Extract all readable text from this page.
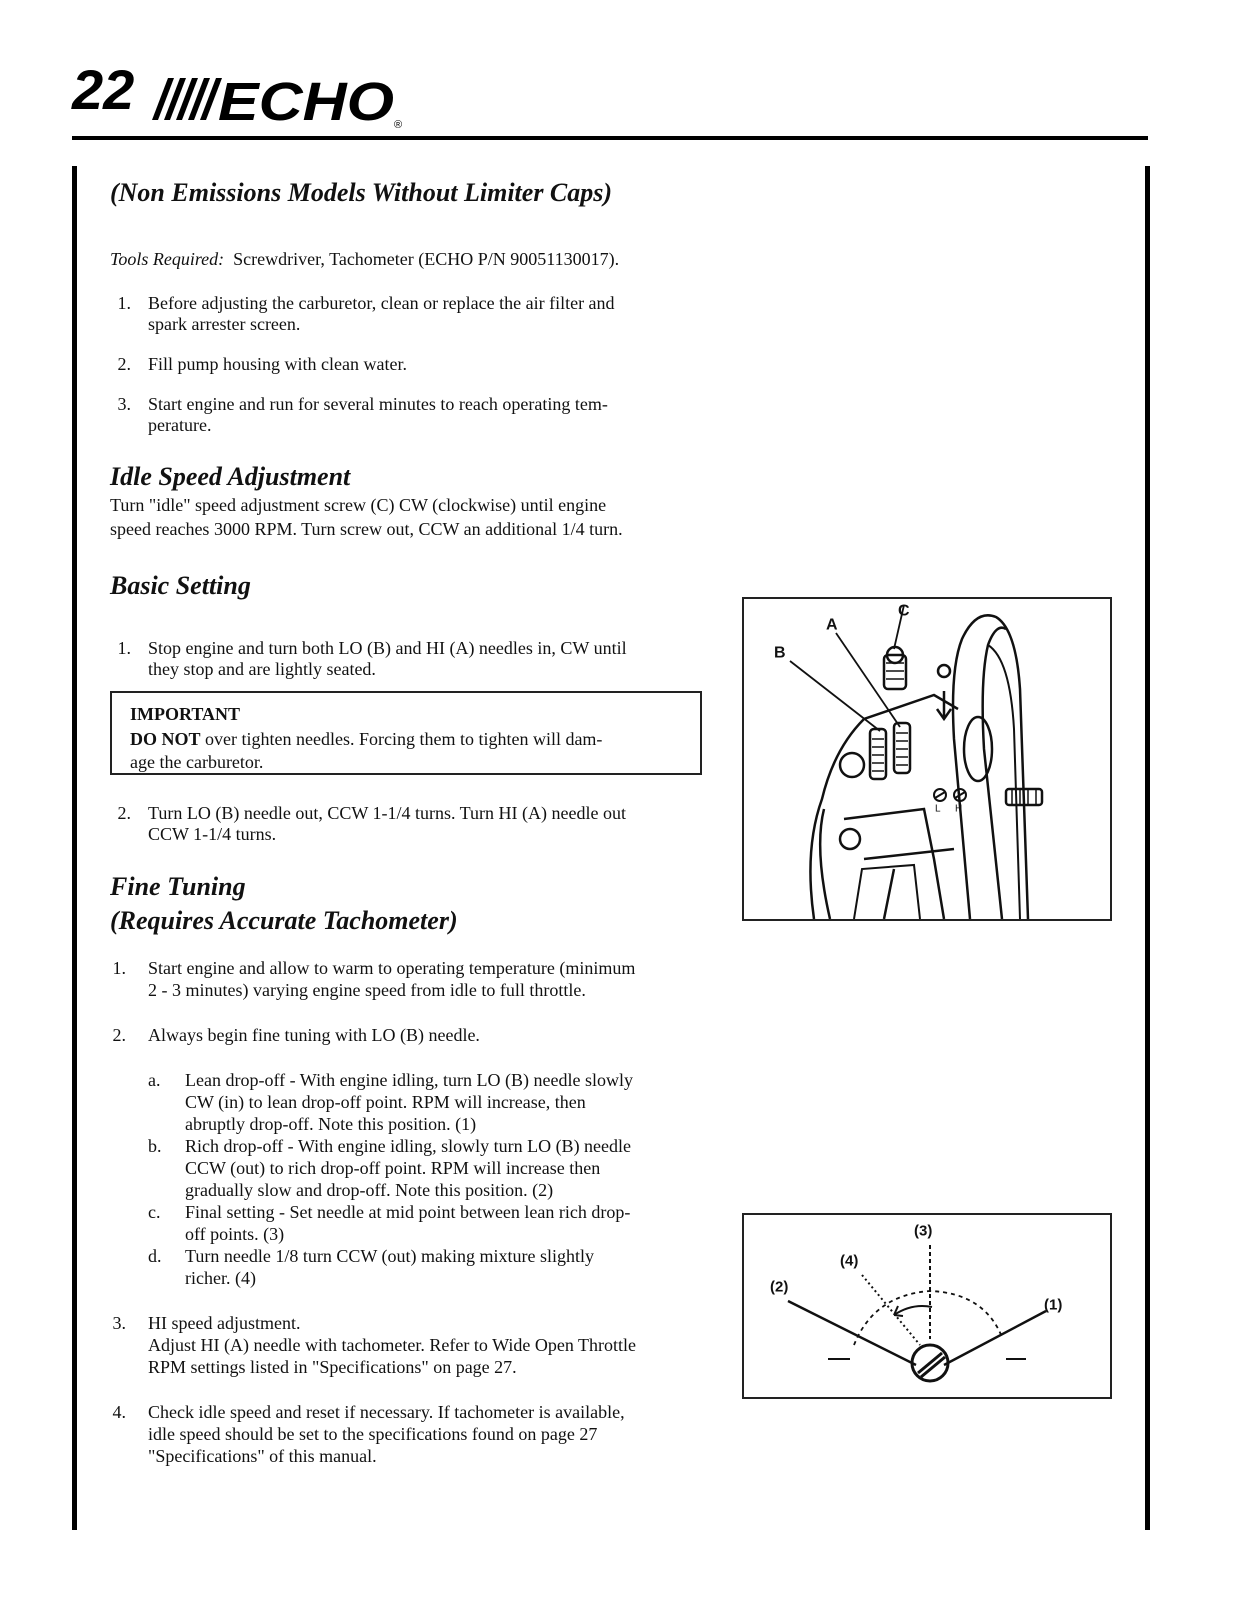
22 ECHO ®
(Non Emissions Models Without Limiter Caps)
Tools Required: Screwdriver, Tachometer (ECHO P/N 90051130017).
1. Before adjusting the carburetor, clean or replace the air filter and
spark arrester screen.
2. Fill pump housing with clean water.
3. Start engine and run for several minutes to reach operating tem-
perature.
Idle Speed Adjustment
Turn "idle" speed adjustment screw (C) CW (clockwise) until engine
speed reaches 3000 RPM. Turn screw out, CCW an additional 1/4 turn.
Basic Setting
1. Stop engine and turn both LO (B) and HI (A) needles in, CW until
they stop and are lightly seated.
IMPORTANT
DO NOT over tighten needles. Forcing them to tighten will dam-
age the carburetor.
2. Turn LO (B) needle out, CCW 1-1/4 turns. Turn HI (A) needle out
CCW 1-1/4 turns.
Fine Tuning
(Requires Accurate Tachometer)
1. Start engine and allow to warm to operating temperature (minimum
2 - 3 minutes) varying engine speed from idle to full throttle.
2. Always begin fine tuning with LO (B) needle.
a. Lean drop-off - With engine idling, turn LO (B) needle slowly
CW (in) to lean drop-off point. RPM will increase, then
abruptly drop-off. Note this position. (1)
b. Rich drop-off - With engine idling, slowly turn LO (B) needle
CCW (out) to rich drop-off point. RPM will increase then
gradually slow and drop-off. Note this position. (2)
c. Final setting - Set needle at mid point between lean rich drop-
off points. (3)
d. Turn needle 1/8 turn CCW (out) making mixture slightly
richer. (4)
3. HI speed adjustment.
Adjust HI (A) needle with tachometer. Refer to Wide Open Throttle
RPM settings listed in "Specifications" on page 27.
4. Check idle speed and reset if necessary. If tachometer is available,
idle speed should be set to the specifications found on page 27
"Specifications" of this manual.
C
A
B
L H
(3)
(4)
(2)
(1)
